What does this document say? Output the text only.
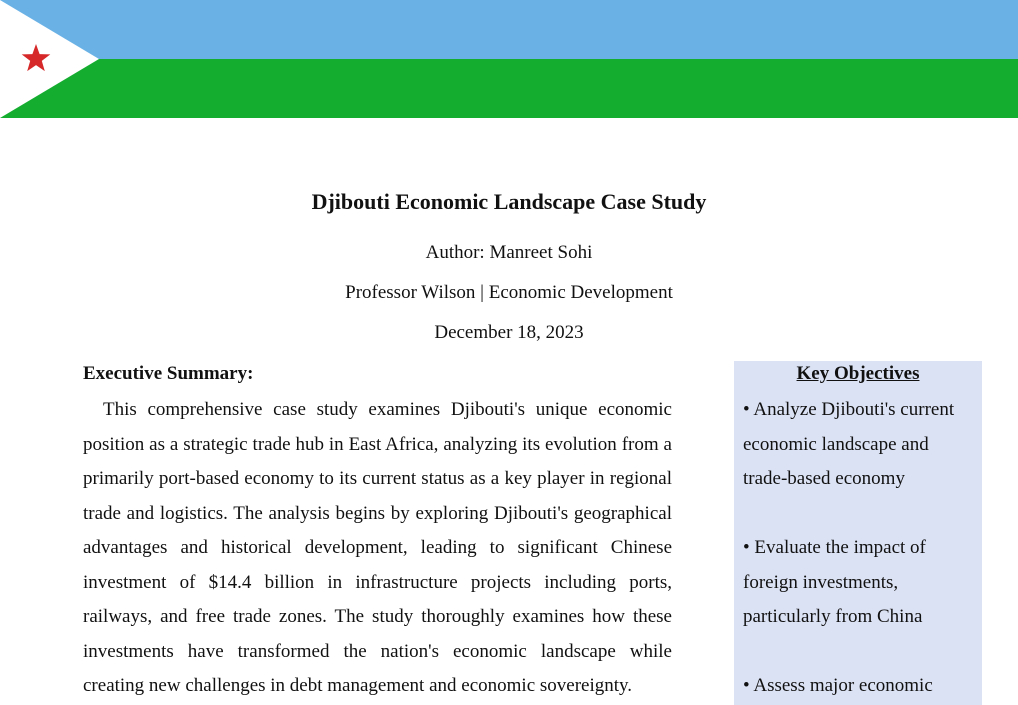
Djibouti Economic Landscape Case Study

Author: Manreet Sohi

Professor Wilson | Economic Development

December 18, 2023

Executive Summary:

This comprehensive case study examines Djibouti's unique economic position as a strategic trade hub in East Africa, analyzing its evolution from a primarily port-based economy to its current status as a key player in regional trade and logistics. The analysis begins by exploring Djibouti's geographical advantages and historical development, leading to significant Chinese investment of $14.4 billion in infrastructure projects including ports, railways, and free trade zones. The study thoroughly examines how these investments have transformed the nation's economic landscape while creating new challenges in debt management and economic sovereignty.

Key Objectives

• Analyze Djibouti's current economic landscape and trade-based economy
• Evaluate the impact of foreign investments, particularly from China
• Assess major economic
